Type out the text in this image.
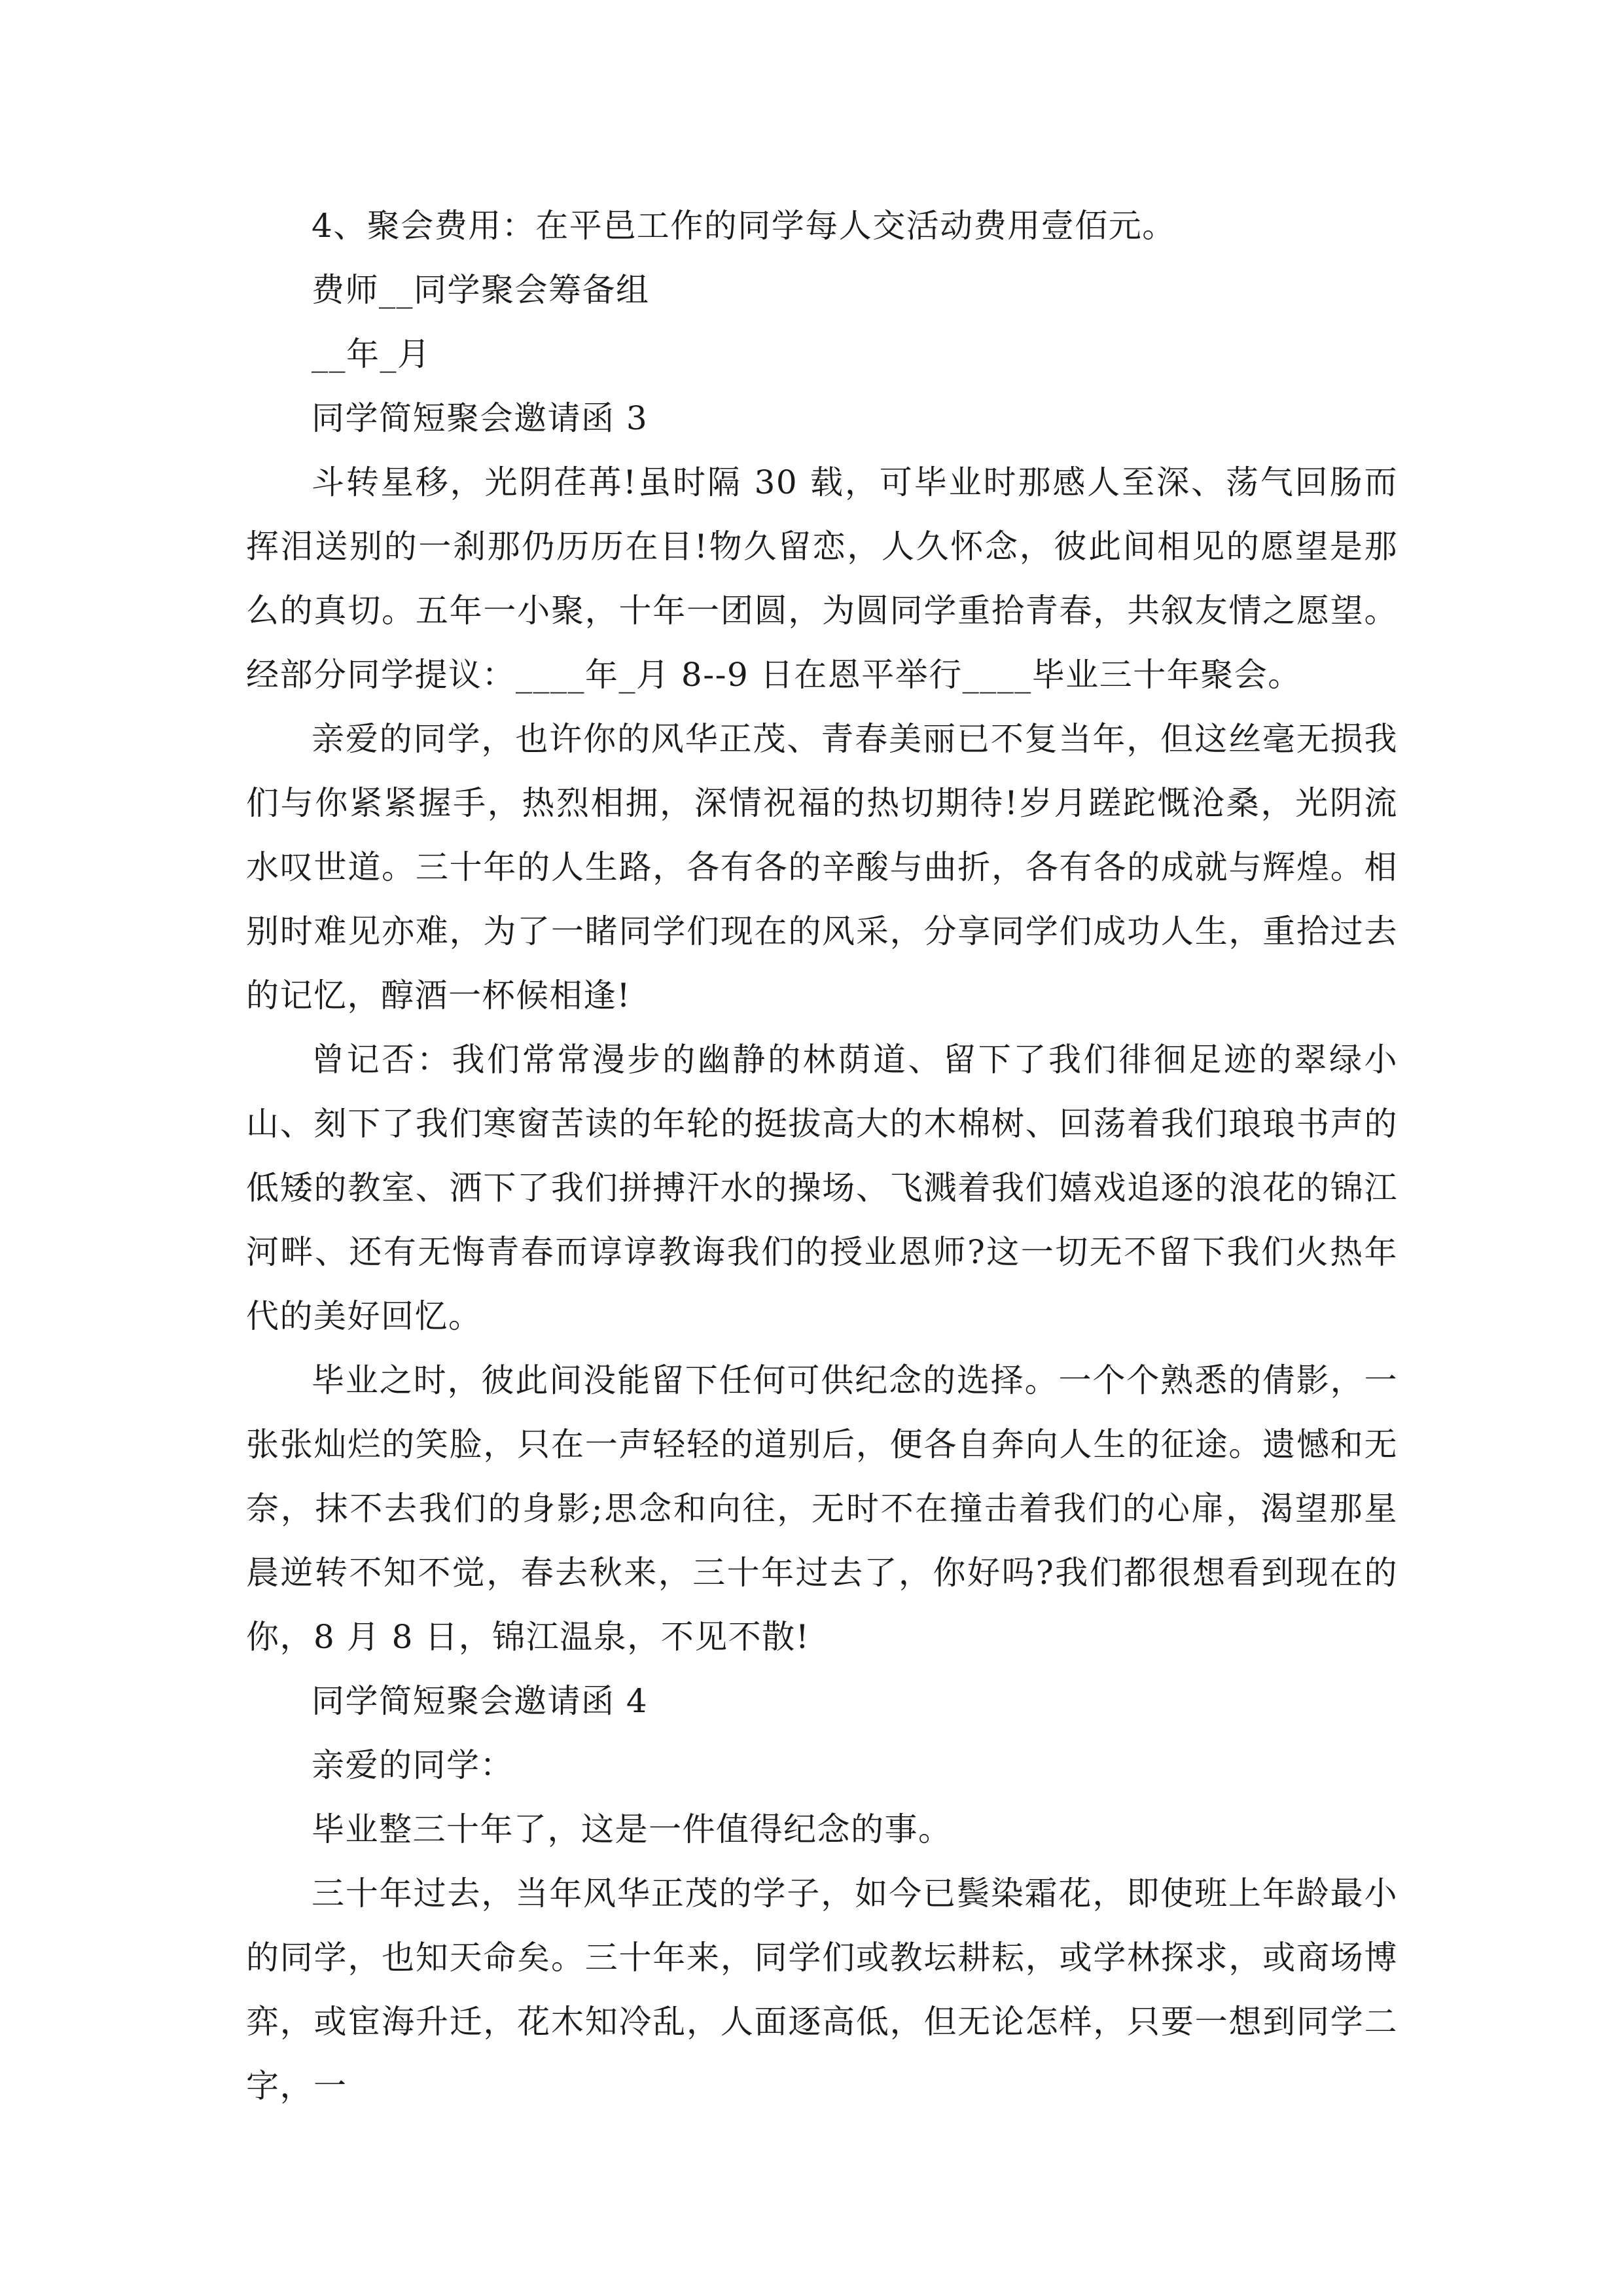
4、聚会费用：在平邑工作的同学每人交活动费用壹佰元。

费师__同学聚会筹备组

__年_月

同学简短聚会邀请函 3

斗转星移，光阴荏苒!虽时隔 30 载，可毕业时那感人至深、荡气回肠而挥泪送别的一刹那仍历历在目!物久留恋，人久怀念，彼此间相见的愿望是那么的真切。五年一小聚，十年一团圆，为圆同学重拾青春，共叙友情之愿望。经部分同学提议：____年_月 8--9 日在恩平举行____毕业三十年聚会。

亲爱的同学，也许你的风华正茂、青春美丽已不复当年，但这丝毫无损我们与你紧紧握手，热烈相拥，深情祝福的热切期待!岁月蹉跎慨沧桑，光阴流水叹世道。三十年的人生路，各有各的辛酸与曲折，各有各的成就与辉煌。相别时难见亦难，为了一睹同学们现在的风采，分享同学们成功人生，重拾过去的记忆，醇酒一杯候相逢!

曾记否：我们常常漫步的幽静的林荫道、留下了我们徘徊足迹的翠绿小山、刻下了我们寒窗苦读的年轮的挺拔高大的木棉树、回荡着我们琅琅书声的低矮的教室、洒下了我们拼搏汗水的操场、飞溅着我们嬉戏追逐的浪花的锦江河畔、还有无悔青春而谆谆教诲我们的授业恩师?这一切无不留下我们火热年代的美好回忆。

毕业之时，彼此间没能留下任何可供纪念的选择。一个个熟悉的倩影，一张张灿烂的笑脸，只在一声轻轻的道别后，便各自奔向人生的征途。遗憾和无奈，抹不去我们的身影;思念和向往，无时不在撞击着我们的心扉，渴望那星晨逆转不知不觉，春去秋来，三十年过去了，你好吗?我们都很想看到现在的你，8 月 8 日，锦江温泉，不见不散!

同学简短聚会邀请函 4

亲爱的同学：

毕业整三十年了，这是一件值得纪念的事。

三十年过去，当年风华正茂的学子，如今已鬓染霜花，即使班上年龄最小的同学，也知天命矣。三十年来，同学们或教坛耕耘，或学林探求，或商场博弈，或宦海升迁，花木知冷乱，人面逐高低，但无论怎样，只要一想到同学二字，一
